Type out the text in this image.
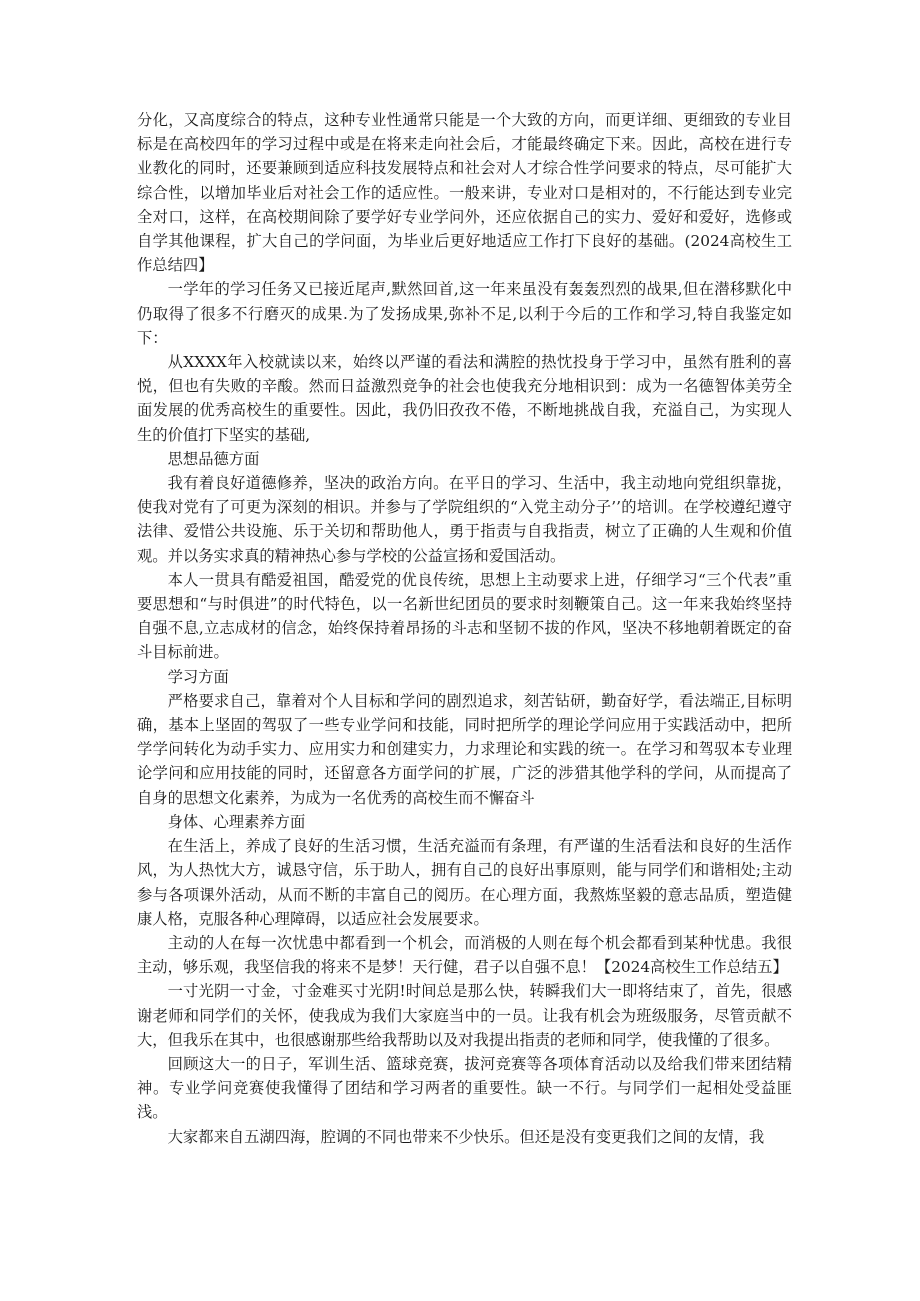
分化，又高度综合的特点，这种专业性通常只能是一个大致的方向，而更详细、更细致的专业目标是在高校四年的学习过程中或是在将来走向社会后，才能最终确定下来。因此，高校在进行专业教化的同时，还要兼顾到适应科技发展特点和社会对人才综合性学问要求的特点，尽可能扩大综合性，以增加毕业后对社会工作的适应性。一般来讲，专业对口是相对的，不行能达到专业完全对口，这样，在高校期间除了要学好专业学问外，还应依据自己的实力、爱好和爱好，选修或自学其他课程，扩大自己的学问面，为毕业后更好地适应工作打下良好的基础。(2024高校生工作总结四】

一学年的学习任务又已接近尾声,默然回首,这一年来虽没有轰轰烈烈的战果,但在潜移默化中仍取得了很多不行磨灭的成果.为了发扬成果,弥补不足,以利于今后的工作和学习,特自我鉴定如下：

从XXXX年入校就读以来，始终以严谨的看法和满腔的热忱投身于学习中，虽然有胜利的喜悦，但也有失败的辛酸。然而日益激烈竞争的社会也使我充分地相识到：成为一名德智体美劳全面发展的优秀高校生的重要性。因此，我仍旧孜孜不倦，不断地挑战自我，充溢自己，为实现人生的价值打下坚实的基础,

思想品德方面

我有着良好道德修养，坚决的政治方向。在平日的学习、生活中，我主动地向党组织靠拢，使我对党有了可更为深刻的相识。并参与了学院组织的“入党主动分子’’的培训。在学校遵纪遵守法律、爱惜公共设施、乐于关切和帮助他人，勇于指责与自我指责，树立了正确的人生观和价值观。并以务实求真的精神热心参与学校的公益宣扬和爱国活动。

本人一贯具有酷爱祖国，酷爱党的优良传统，思想上主动要求上进，仔细学习“三个代表”重要思想和“与时俱进”的时代特色，以一名新世纪团员的要求时刻鞭策自己。这一年来我始终坚持自强不息,立志成材的信念，始终保持着昂扬的斗志和坚韧不拔的作风，坚决不移地朝着既定的奋斗目标前进。

学习方面

严格要求自己，靠着对个人目标和学问的剧烈追求，刻苦钻研，勤奋好学，看法端正,目标明确，基本上坚固的驾驭了一些专业学问和技能，同时把所学的理论学问应用于实践活动中，把所学学问转化为动手实力、应用实力和创建实力，力求理论和实践的统一。在学习和驾驭本专业理论学问和应用技能的同时，还留意各方面学问的扩展，广泛的涉猎其他学科的学问，从而提高了自身的思想文化素养，为成为一名优秀的高校生而不懈奋斗

身体、心理素养方面

在生活上，养成了良好的生活习惯，生活充溢而有条理，有严谨的生活看法和良好的生活作风，为人热忱大方，诚恳守信，乐于助人，拥有自己的良好出事原则，能与同学们和谐相处;主动参与各项课外活动，从而不断的丰富自己的阅历。在心理方面，我熬炼坚毅的意志品质，塑造健康人格，克服各种心理障碍，以适应社会发展要求。

主动的人在每一次忧患中都看到一个机会，而消极的人则在每个机会都看到某种忧患。我很主动，够乐观，我坚信我的将来不是梦！天行健，君子以自强不息！【2024高校生工作总结五】

一寸光阴一寸金，寸金难买寸光阴!时间总是那么快，转瞬我们大一即将结束了，首先，很感谢老师和同学们的关怀，使我成为我们大家庭当中的一员。让我有机会为班级服务，尽管贡献不大，但我乐在其中，也很感谢那些给我帮助以及对我提出指责的老师和同学，使我懂的了很多。

回顾这大一的日子，军训生活、篮球竞赛，拔河竞赛等各项体育活动以及给我们带来团结精神。专业学问竞赛使我懂得了团结和学习两者的重要性。缺一不行。与同学们一起相处受益匪浅。

大家都来自五湖四海，腔调的不同也带来不少快乐。但还是没有变更我们之间的友情，我
